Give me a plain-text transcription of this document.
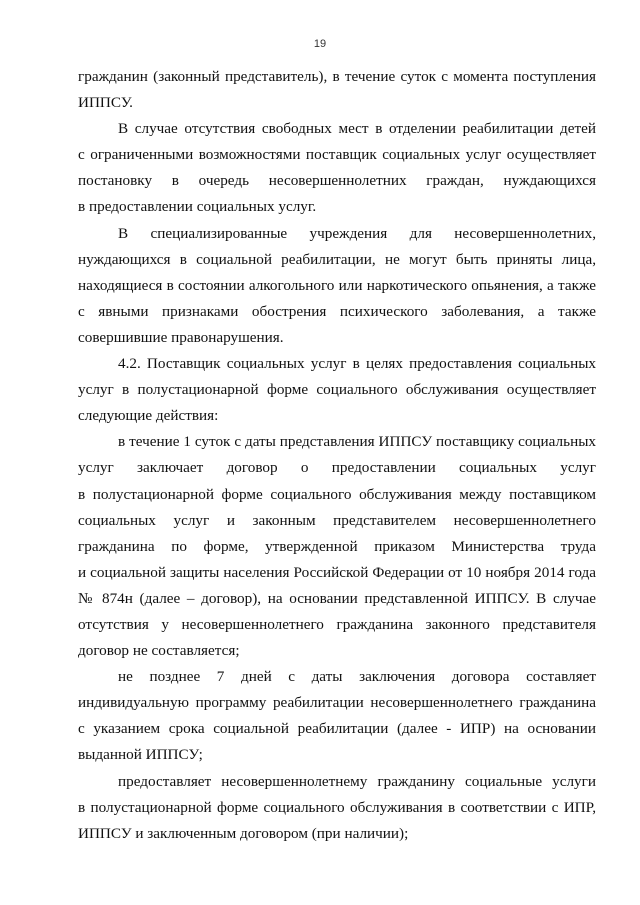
19
гражданин (законный представитель), в течение суток с момента поступления
ИППСУ.
В случае отсутствия свободных мест в отделении реабилитации детей
с ограниченными возможностями поставщик социальных услуг осуществляет
постановку в очередь несовершеннолетних граждан, нуждающихся
в предоставлении социальных услуг.
В специализированные учреждения для несовершеннолетних,
нуждающихся в социальной реабилитации, не могут быть приняты лица,
находящиеся в состоянии алкогольного или наркотического опьянения, а также
с явными признаками обострения психического заболевания, а также
совершившие правонарушения.
4.2. Поставщик социальных услуг в целях предоставления социальных
услуг в полустационарной форме социального обслуживания осуществляет
следующие действия:
в течение 1 суток с даты представления ИППСУ поставщику социальных
услуг заключает договор о предоставлении социальных услуг
в полустационарной форме социального обслуживания между поставщиком
социальных услуг и законным представителем несовершеннолетнего
гражданина по форме, утвержденной приказом Министерства труда
и социальной защиты населения Российской Федерации от 10 ноября 2014 года
№ 874н (далее – договор), на основании представленной ИППСУ. В случае
отсутствия у несовершеннолетнего гражданина законного представителя
договор не составляется;
не позднее 7 дней с даты заключения договора составляет
индивидуальную программу реабилитации несовершеннолетнего гражданина
с указанием срока социальной реабилитации (далее - ИПР) на основании
выданной ИППСУ;
предоставляет несовершеннолетнему гражданину социальные услуги
в полустационарной форме социального обслуживания в соответствии с ИПР,
ИППСУ и заключенным договором (при наличии);
